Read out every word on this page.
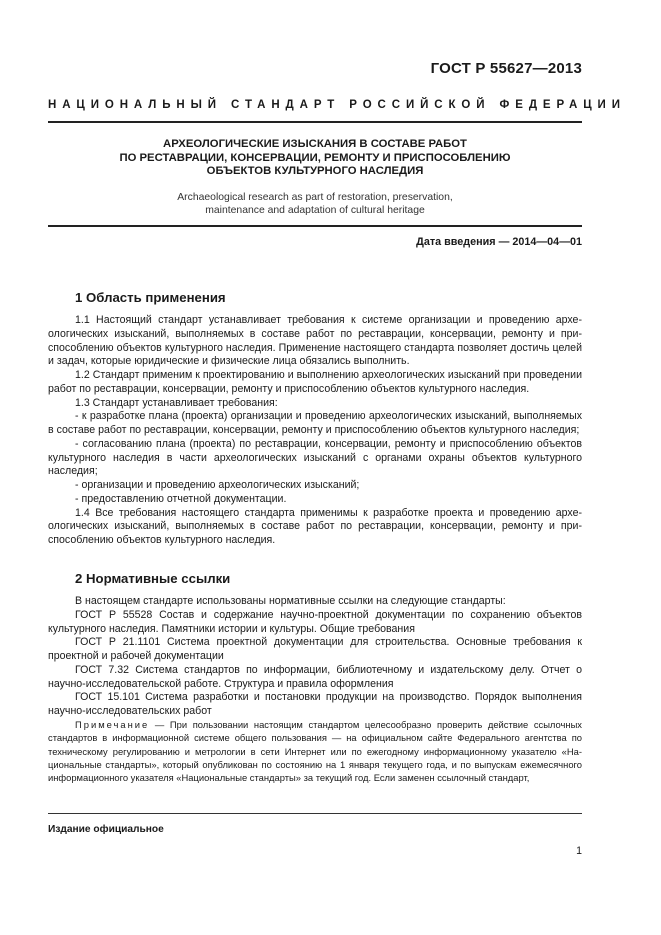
ГОСТ Р 55627—2013
НАЦИОНАЛЬНЫЙ СТАНДАРТ РОССИЙСКОЙ ФЕДЕРАЦИИ
АРХЕОЛОГИЧЕСКИЕ ИЗЫСКАНИЯ В СОСТАВЕ РАБОТ
ПО РЕСТАВРАЦИИ, КОНСЕРВАЦИИ, РЕМОНТУ И ПРИСПОСОБЛЕНИЮ
ОБЪЕКТОВ КУЛЬТУРНОГО НАСЛЕДИЯ
Archaeological research as part of restoration, preservation,
maintenance and adaptation of cultural heritage
Дата введения — 2014—04—01
1 Область применения
1.1 Настоящий стандарт устанавливает требования к системе организации и проведению археологических изысканий, выполняемых в составе работ по реставрации, консервации, ремонту и приспособлению объектов культурного наследия. Применение настоящего стандарта позволяет достичь целей и задач, которые юридические и физические лица обязались выполнить.
1.2 Стандарт применим к проектированию и выполнению археологических изысканий при проведении работ по реставрации, консервации, ремонту и приспособлению объектов культурного наследия.
1.3 Стандарт устанавливает требования:
- к разработке плана (проекта) организации и проведению археологических изысканий, выполняемых в составе работ по реставрации, консервации, ремонту и приспособлению объектов культурного наследия;
- согласованию плана (проекта) по реставрации, консервации, ремонту и приспособлению объектов культурного наследия в части археологических изысканий с органами охраны объектов культурного наследия;
- организации и проведению археологических изысканий;
- предоставлению отчетной документации.
1.4 Все требования настоящего стандарта применимы к разработке проекта и проведению археологических изысканий, выполняемых в составе работ по реставрации, консервации, ремонту и приспособлению объектов культурного наследия.
2 Нормативные ссылки
В настоящем стандарте использованы нормативные ссылки на следующие стандарты:
ГОСТ Р 55528 Состав и содержание научно-проектной документации по сохранению объектов культурного наследия. Памятники истории и культуры. Общие требования
ГОСТ Р 21.1101 Система проектной документации для строительства. Основные требования к проектной и рабочей документации
ГОСТ 7.32 Система стандартов по информации, библиотечному и издательскому делу. Отчет о научно-исследовательской работе. Структура и правила оформления
ГОСТ 15.101 Система разработки и постановки продукции на производство. Порядок выполнения научно-исследовательских работ
Примечание — При пользовании настоящим стандартом целесообразно проверить действие ссылочных стандартов в информационной системе общего пользования — на официальном сайте Федерального агентства по техническому регулированию и метрологии в сети Интернет или по ежегодному информационному указателю «Национальные стандарты», который опубликован по состоянию на 1 января текущего года, и по выпускам ежемесячного информационного указателя «Национальные стандарты» за текущий год. Если заменен ссылочный стандарт,
Издание официальное
1
